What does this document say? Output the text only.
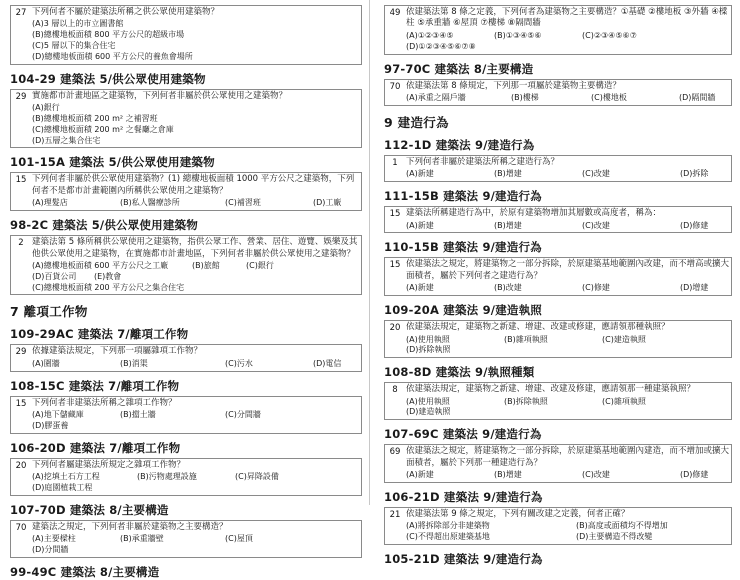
27 下列何者不屬於建築法所稱之供公眾使用建築物？
(A)3 層以上的市立圖書館
(B)總樓地板面積 800 平方公尺的超級市場
(C)5 層以下的集合住宅
(D)總樓地板面積 600 平方公尺的養魚會場所
104-29 建築法 5/供公眾使用建築物
29 實施都市計畫地區之建築物，下列何者非屬於供公眾使用之建築物？
(A)銀行
(B)總樓地板面積 200 m² 之補習班
(C)總樓地板面積 200 m² 之餐廳之倉庫
(D)五層之集合住宅
101-15A 建築法 5/供公眾使用建築物
15 下列何者非屬於供公眾使用建築物？(1) 總樓地板面積 1000 平方公尺之建築物，下列何者不是都市計畫範圍內所稱供公眾使用之建築物？
(A)理髮店	(B)私人醫療診所	(C)補習班	(D)工廠
98-2C 建築法 5/供公眾使用建築物
2 建築法第 5 條所稱供公眾使用之建築物，指供公眾工作、營業、居住、遊覽、娛樂及其他供公眾使用之建築物，在實施都市計畫地區，下列何者非屬於供公眾使用之建築物？
(A)總樓地板面積 600 平方公尺之工廠	(B)旅館	(C)銀行
(D)百貨公司	(E)教會
(C)總樓地板面積 200 平方公尺之集合住宅
7 離項工作物
109-29AC 建築法 7/離項工作物
29 依據建築法規定，下列那一項屬雜項工作物？
(A)圍牆	(B)消渠	(C)污水	(D)電信
108-15C 建築法 7/離項工作物
15 下列何者非建築法所稱之雜項工作物？
(A)地下儲藏庫	(B)擋土牆	(C)分間牆
(D)膠蛋養
106-20D 建築法 7/離項工作物
20 下列何者屬建築法所規定之雜項工作物？
(A)挖填土石方工程	(B)污物處理設施	(C)昇降設備
(D)庭園植栽工程
107-70D 建築法 8/主要構造
70 建築法之規定，下列何者非屬於建築物之主要構造？
(A)主要樑柱	(B)承重牆壁	(C)屋頂
(D)分間牆
99-49C 建築法 8/主要構造
49 依建築法第 8 條之定義，下列何者為建築物之主要構造？①基礎 ②樓地板 ③外牆 ④樑柱 ⑤承重牆 ⑥屋頂 ⑦樓梯 ⑧隔間牆
(A)①②③④⑤	(B)①③④⑤⑥	(C)②③④⑤⑥⑦
(D)①②③④⑤⑥⑦⑧
97-70C 建築法 8/主要構造
70 依建築法第 8 條規定，下列那一項屬於建築物主要構造？
(A)承重之隔戶牆	(B)樓梯	(C)樓地板	(D)隔間牆
9 建造行為
112-1D 建築法 9/建造行為
1 下列何者非屬於建築法所稱之建造行為？
(A)新建	(B)增建	(C)改建	(D)拆除
111-15B 建築法 9/建造行為
15 建築法所稱建造行為中，於原有建築物增加其層數或高度者，稱為：
(A)新建	(B)增建	(C)改建	(D)修建
110-15B 建築法 9/建造行為
15 依建築法之規定，將建築物之一部分拆除，於原建築基地範圍內改建，而不增高或擴大面積者，屬於下列何者之建造行為？
(A)新建	(B)改建	(C)修建	(D)增建
109-20A 建築法 9/建造執照
20 依建築法規定，建築物之新建、增建、改建或修建，應請領那種執照？
(A)使用執照	(B)雜項執照	(C)建造執照
(D)拆除執照
108-8D 建築法 9/執照種類
8 依建築法規定，建築物之新建、增建、改建及修建，應請領那一種建築執照？
(A)使用執照	(B)拆除執照	(C)雜項執照
(D)建造執照
107-69C 建築法 9/建造行為
69 依建築法之規定，將建築物之一部分拆除，於原建築基地範圍內建造，而不增加或擴大面積者，屬於下列那一種建造行為？
(A)新建	(B)增建	(C)改建	(D)修建
106-21D 建築法 9/建造行為
21 依建築法第 9 條之規定，下列有關改建之定義，何者正確？
(A)將拆除部分非建築物	(B)高度或面積均不得增加
(C)不得超出原建築基地	(D)主要構造不得改變
105-21D 建築法 9/建造行為
